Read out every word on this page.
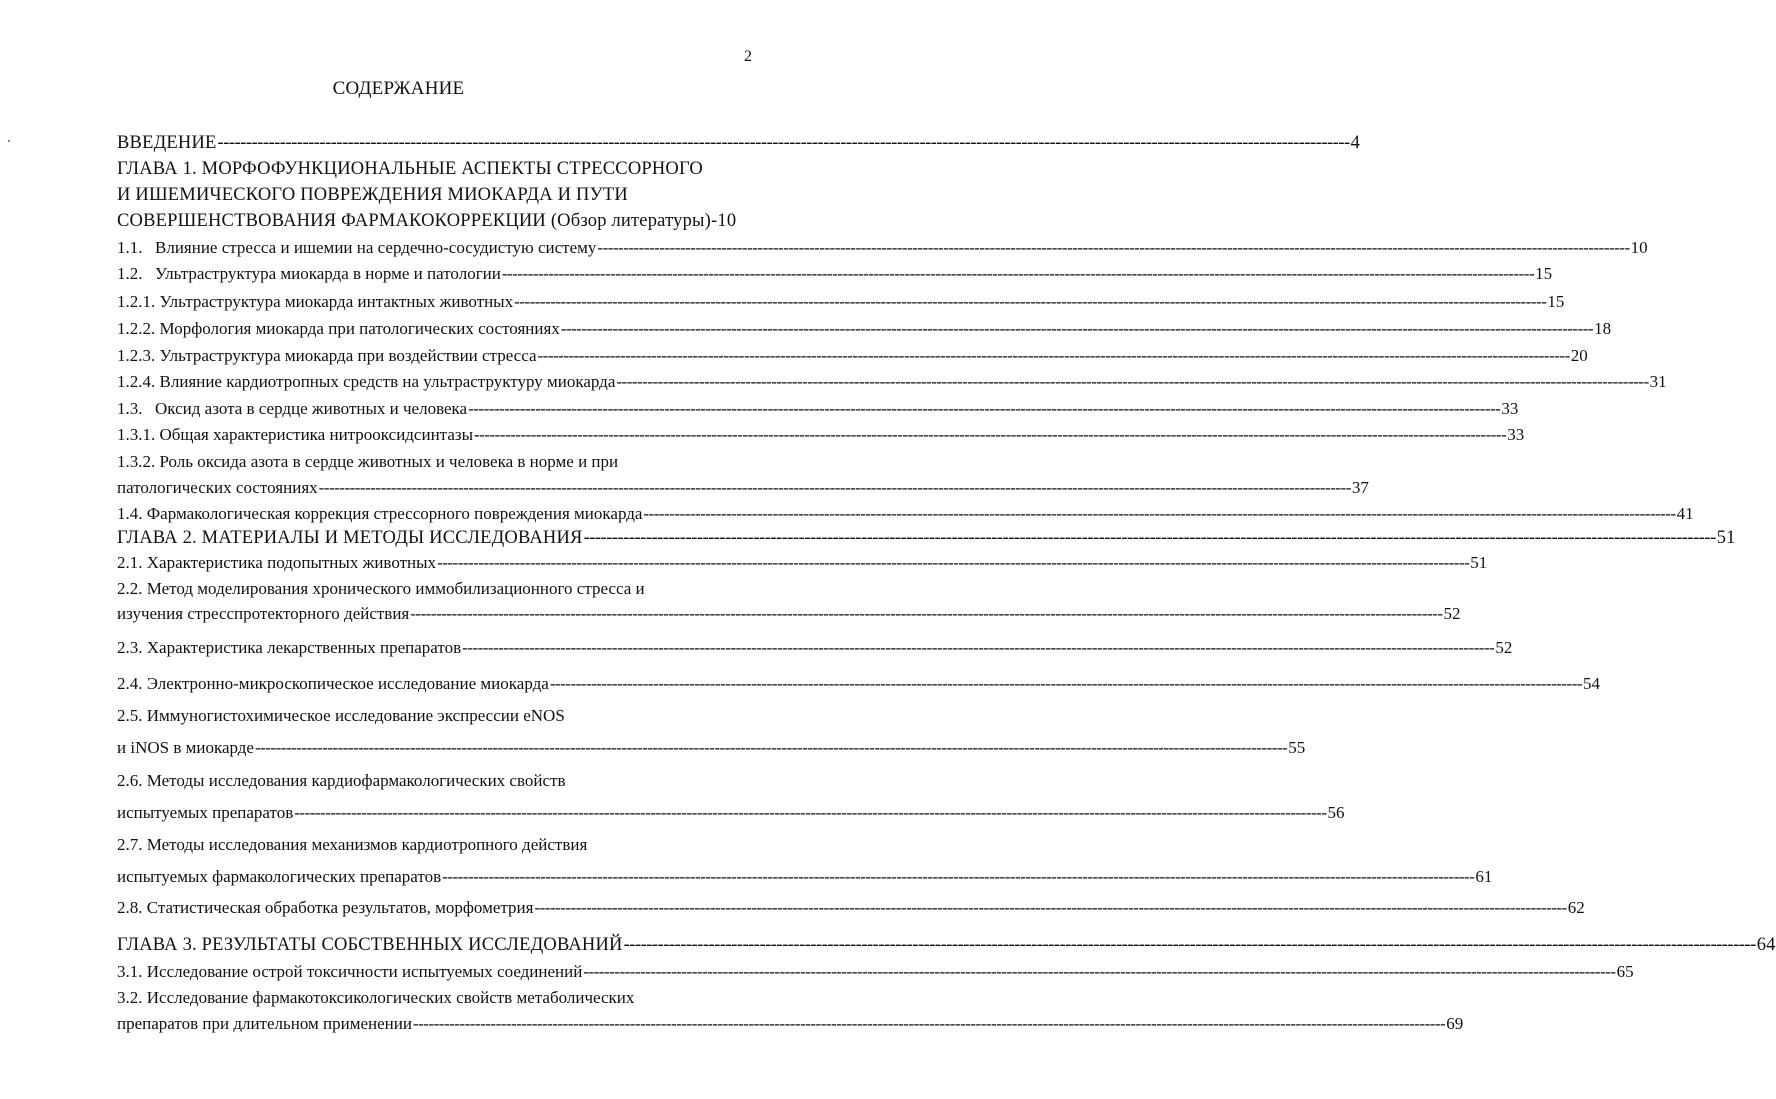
2
СОДЕРЖАНИЕ
ВВЕДЕНИЕ -------------------------------------------------------------------------------------------------------------------------------------------------------------------------------------------------------- 4
ГЛАВА 1. МОРФОФУНКЦИОНАЛЬНЫЕ АСПЕКТЫ СТРЕССОРНОГО
И ИШЕМИЧЕСКОГО ПОВРЕЖДЕНИЯ МИОКАРДА И ПУТИ
СОВЕРШЕНСТВОВАНИЯ ФАРМАКОКОРРЕКЦИИ (Обзор литературы)-10
1.1. Влияние стресса и ишемии на сердечно-сосудистую систему -------------------------------------------------------------------------------------------------------------------------------------------------------------------------------------------------------- 10
1.2. Ультраструктура миокарда в норме и патологии -------------------------------------------------------------------------------------------------------------------------------------------------------------------------------------------------------- 15
1.2.1. Ультраструктура миокарда интактных животных -------------------------------------------------------------------------------------------------------------------------------------------------------------------------------------------------------- 15
1.2.2. Морфология миокарда при патологических состояниях -------------------------------------------------------------------------------------------------------------------------------------------------------------------------------------------------------- 18
1.2.3. Ультраструктура миокарда при воздействии стресса -------------------------------------------------------------------------------------------------------------------------------------------------------------------------------------------------------- 20
1.2.4. Влияние кардиотропных средств на ультраструктуру миокарда -------------------------------------------------------------------------------------------------------------------------------------------------------------------------------------------------------- 31
1.3. Оксид азота в сердце животных и человека -------------------------------------------------------------------------------------------------------------------------------------------------------------------------------------------------------- 33
1.3.1. Общая характеристика нитрооксидсинтазы -------------------------------------------------------------------------------------------------------------------------------------------------------------------------------------------------------- 33
1.3.2. Роль оксида азота в сердце животных и человека в норме и при
патологических состояниях -------------------------------------------------------------------------------------------------------------------------------------------------------------------------------------------------------- 37
1.4. Фармакологическая коррекция стрессорного повреждения миокарда -------------------------------------------------------------------------------------------------------------------------------------------------------------------------------------------------------- 41
ГЛАВА 2. МАТЕРИАЛЫ И МЕТОДЫ ИССЛЕДОВАНИЯ -------------------------------------------------------------------------------------------------------------------------------------------------------------------------------------------------------- 51
2.1. Характеристика подопытных животных -------------------------------------------------------------------------------------------------------------------------------------------------------------------------------------------------------- 51
2.2. Метод моделирования хронического иммобилизационного стресса и
изучения стресспротекторного действия -------------------------------------------------------------------------------------------------------------------------------------------------------------------------------------------------------- 52
2.3. Характеристика лекарственных препаратов -------------------------------------------------------------------------------------------------------------------------------------------------------------------------------------------------------- 52
2.4. Электронно-микроскопическое исследование миокарда -------------------------------------------------------------------------------------------------------------------------------------------------------------------------------------------------------- 54
2.5. Иммуногистохимическое исследование экспрессии eNOS
и iNOS в миокарде -------------------------------------------------------------------------------------------------------------------------------------------------------------------------------------------------------- 55
2.6. Методы исследования кардиофармакологических свойств
испытуемых препаратов -------------------------------------------------------------------------------------------------------------------------------------------------------------------------------------------------------- 56
2.7. Методы исследования механизмов кардиотропного действия
испытуемых фармакологических препаратов -------------------------------------------------------------------------------------------------------------------------------------------------------------------------------------------------------- 61
2.8. Статистическая обработка результатов, морфометрия -------------------------------------------------------------------------------------------------------------------------------------------------------------------------------------------------------- 62
ГЛАВА 3. РЕЗУЛЬТАТЫ СОБСТВЕННЫХ ИССЛЕДОВАНИЙ -------------------------------------------------------------------------------------------------------------------------------------------------------------------------------------------------------- 64
3.1. Исследование острой токсичности испытуемых соединений -------------------------------------------------------------------------------------------------------------------------------------------------------------------------------------------------------- 65
3.2. Исследование фармакотоксикологических свойств метаболических
препаратов при длительном применении -------------------------------------------------------------------------------------------------------------------------------------------------------------------------------------------------------- 69
